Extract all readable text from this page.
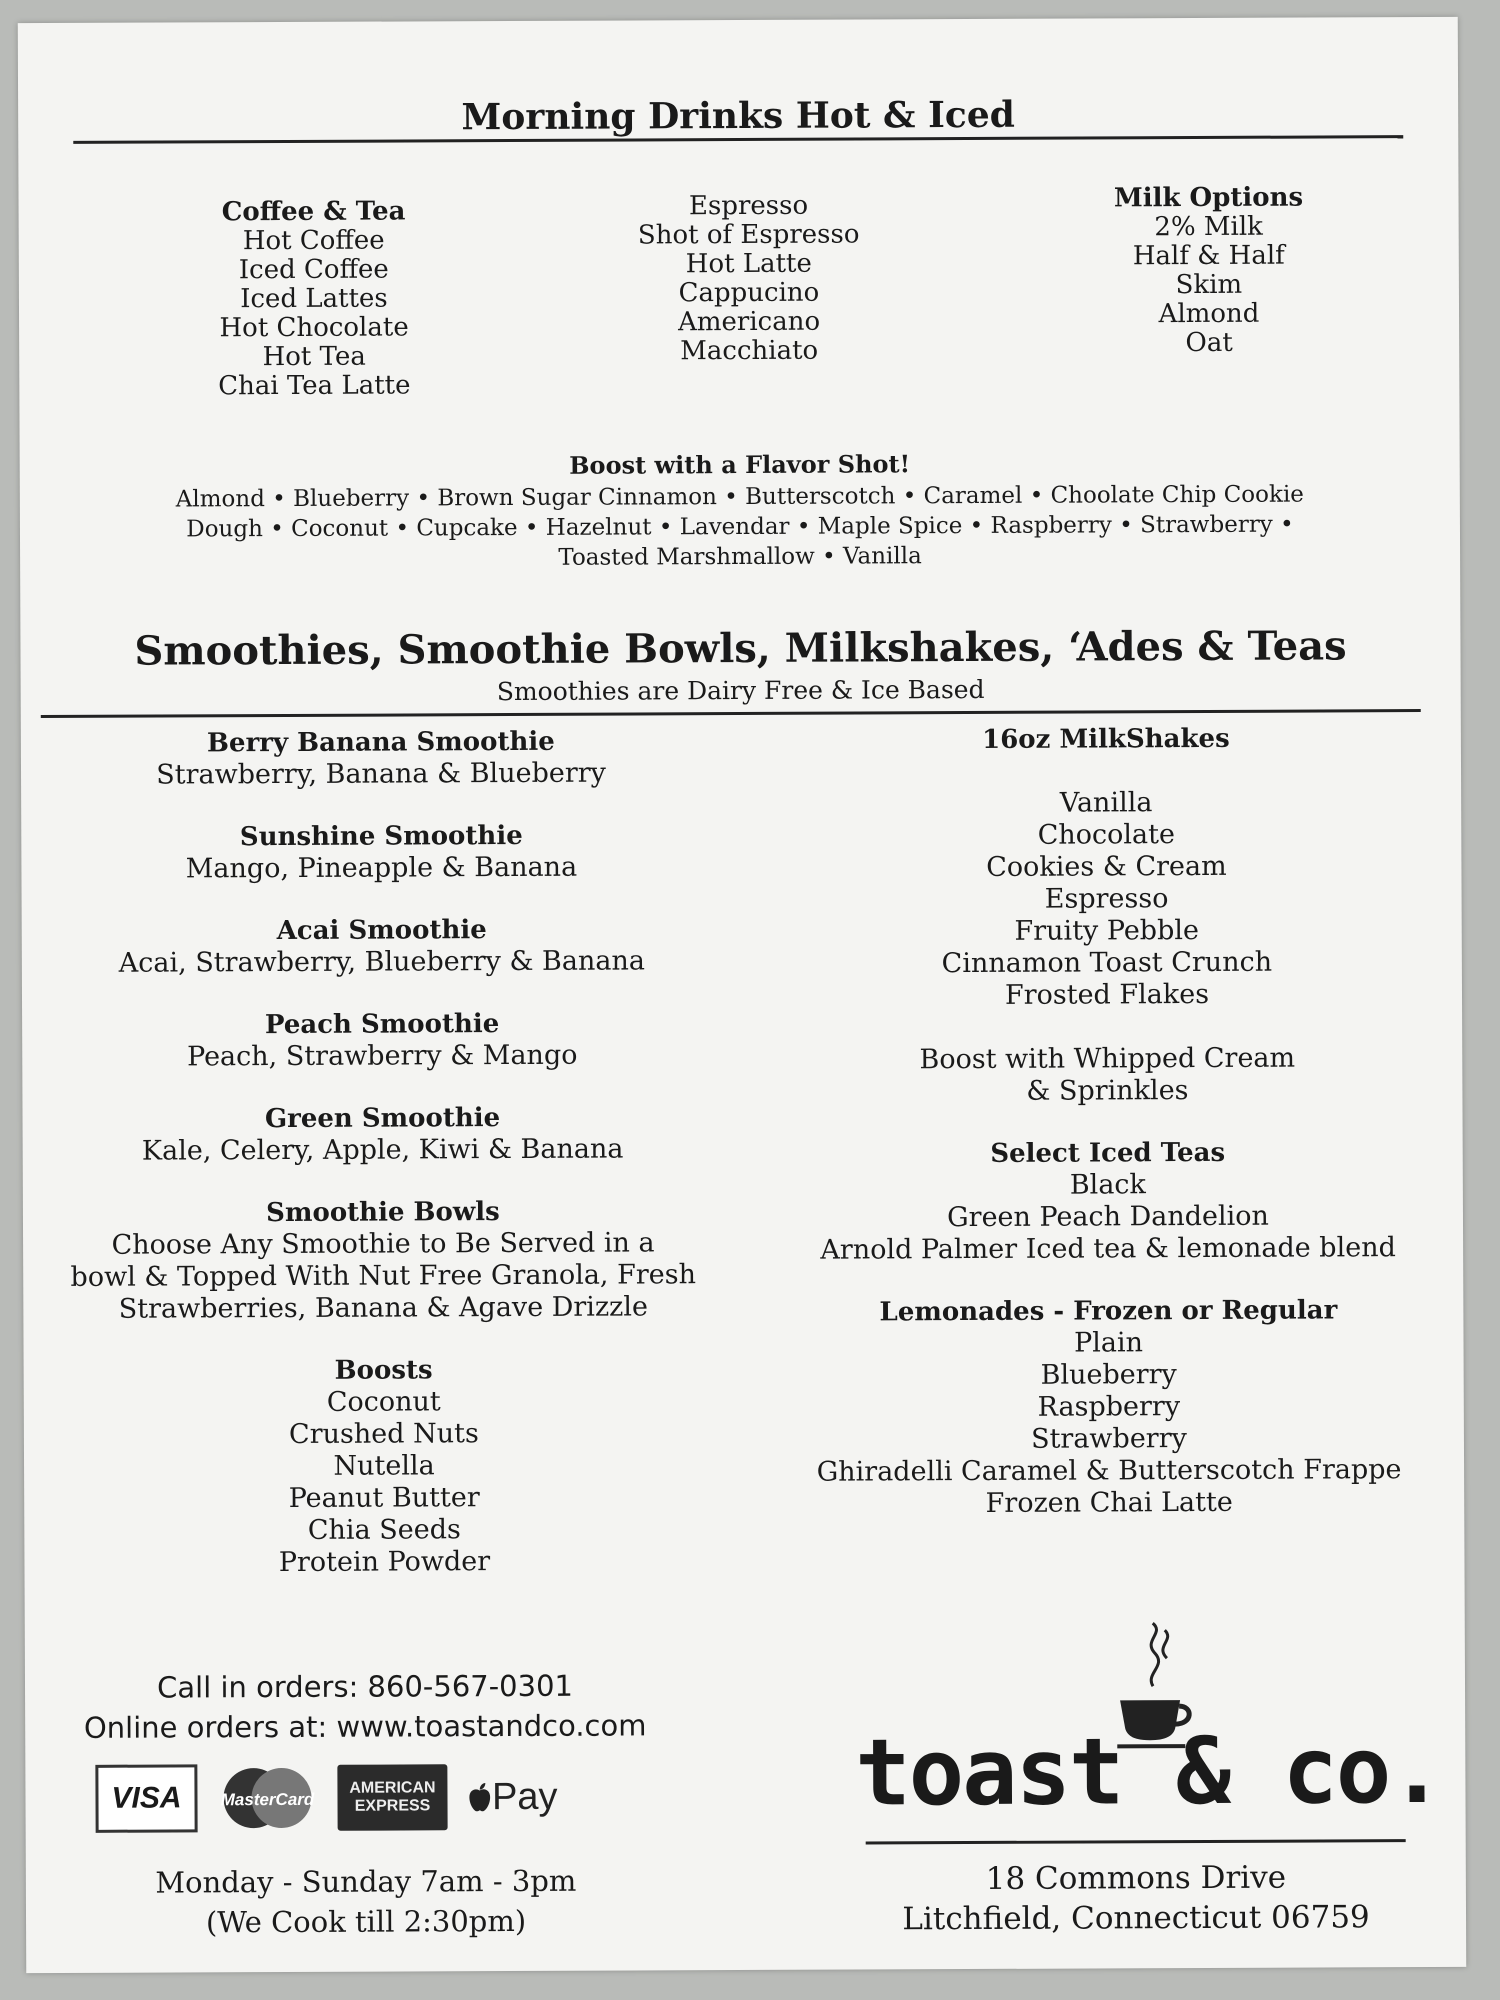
Morning Drinks Hot & Iced
Coffee & Tea
Hot Coffee
Iced Coffee
Iced Lattes
Hot Chocolate
Hot Tea
Chai Tea Latte
Espresso
Shot of Espresso
Hot Latte
Cappucino
Americano
Macchiato
Milk Options
2% Milk
Half & Half
Skim
Almond
Oat
Boost with a Flavor Shot!
Almond • Blueberry • Brown Sugar Cinnamon • Butterscotch • Caramel • Choolate Chip Cookie
Dough • Coconut • Cupcake • Hazelnut • Lavendar • Maple Spice • Raspberry • Strawberry •
Toasted Marshmallow • Vanilla
Smoothies, Smoothie Bowls, Milkshakes, ‘Ades & Teas
Smoothies are Dairy Free & Ice Based
Berry Banana Smoothie
Strawberry, Banana & Blueberry
Sunshine Smoothie
Mango, Pineapple & Banana
Acai Smoothie
Acai, Strawberry, Blueberry & Banana
Peach Smoothie
Peach, Strawberry & Mango
Green Smoothie
Kale, Celery, Apple, Kiwi & Banana
Smoothie Bowls
Choose Any Smoothie to Be Served in a
bowl & Topped With Nut Free Granola, Fresh
Strawberries, Banana & Agave Drizzle
Boosts
Coconut
Crushed Nuts
Nutella
Peanut Butter
Chia Seeds
Protein Powder
16oz MilkShakes
Vanilla
Chocolate
Cookies & Cream
Espresso
Fruity Pebble
Cinnamon Toast Crunch
Frosted Flakes
Boost with Whipped Cream
& Sprinkles
Select Iced Teas
Black
Green Peach Dandelion
Arnold Palmer Iced tea & lemonade blend
Lemonades - Frozen or Regular
Plain
Blueberry
Raspberry
Strawberry
Ghiradelli Caramel & Butterscotch Frappe
Frozen Chai Latte
Call in orders: 860-567-0301
Online orders at: www.toastandco.com
VISA	MasterCard
AMERICAN
EXPRESS Pay
Monday - Sunday 7am - 3pm
(We Cook till 2:30pm)
toast & co.
18 Commons Drive
Litchfield, Connecticut 06759
